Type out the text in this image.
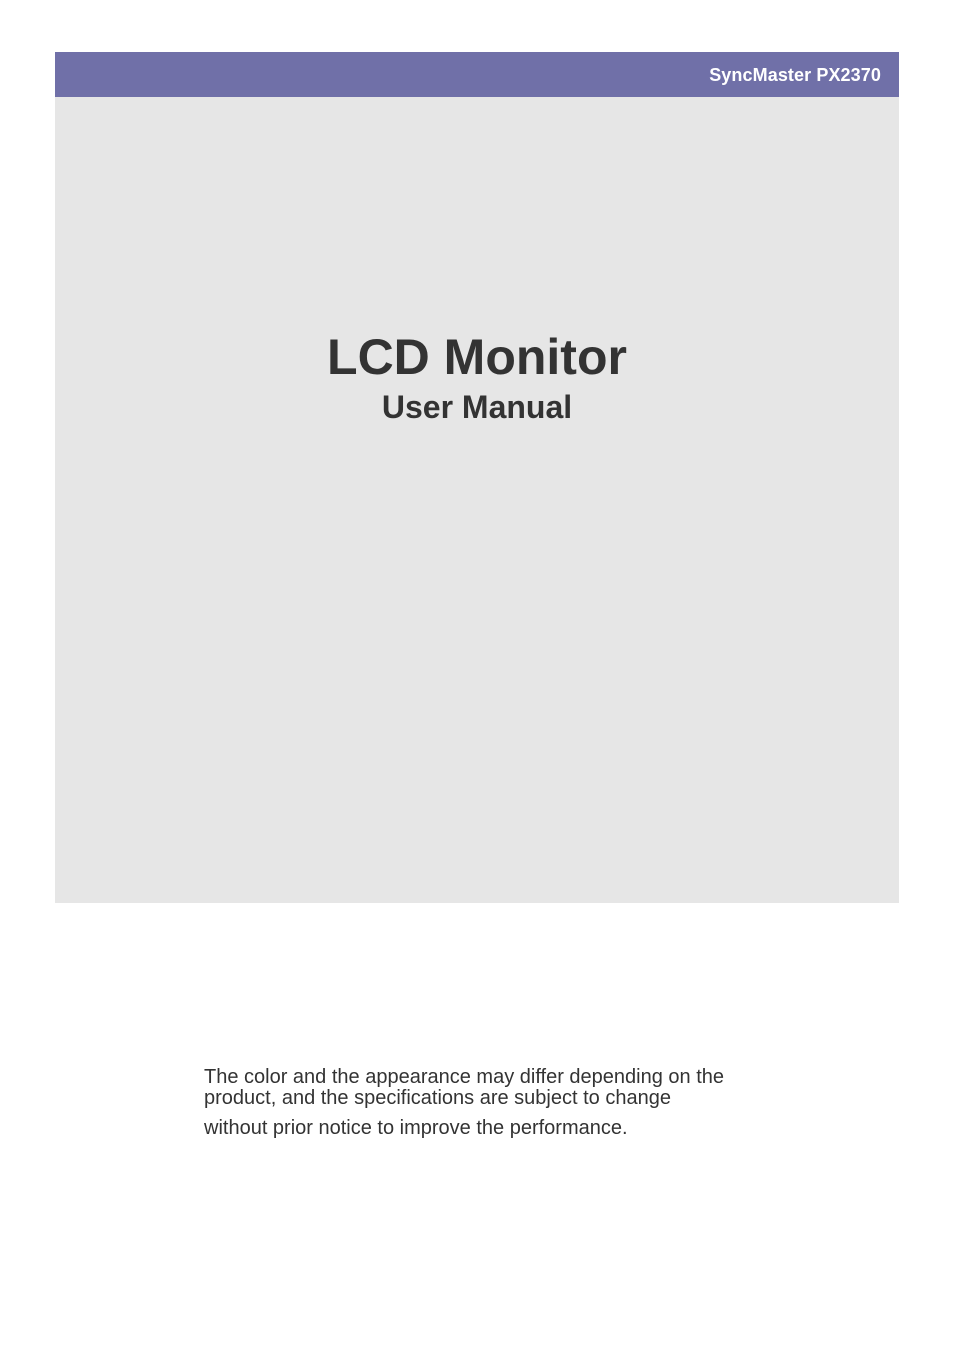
SyncMaster PX2370
LCD Monitor
User Manual
The color and the appearance may differ depending on the
product, and the specifications are subject to change
without prior notice to improve the performance.
